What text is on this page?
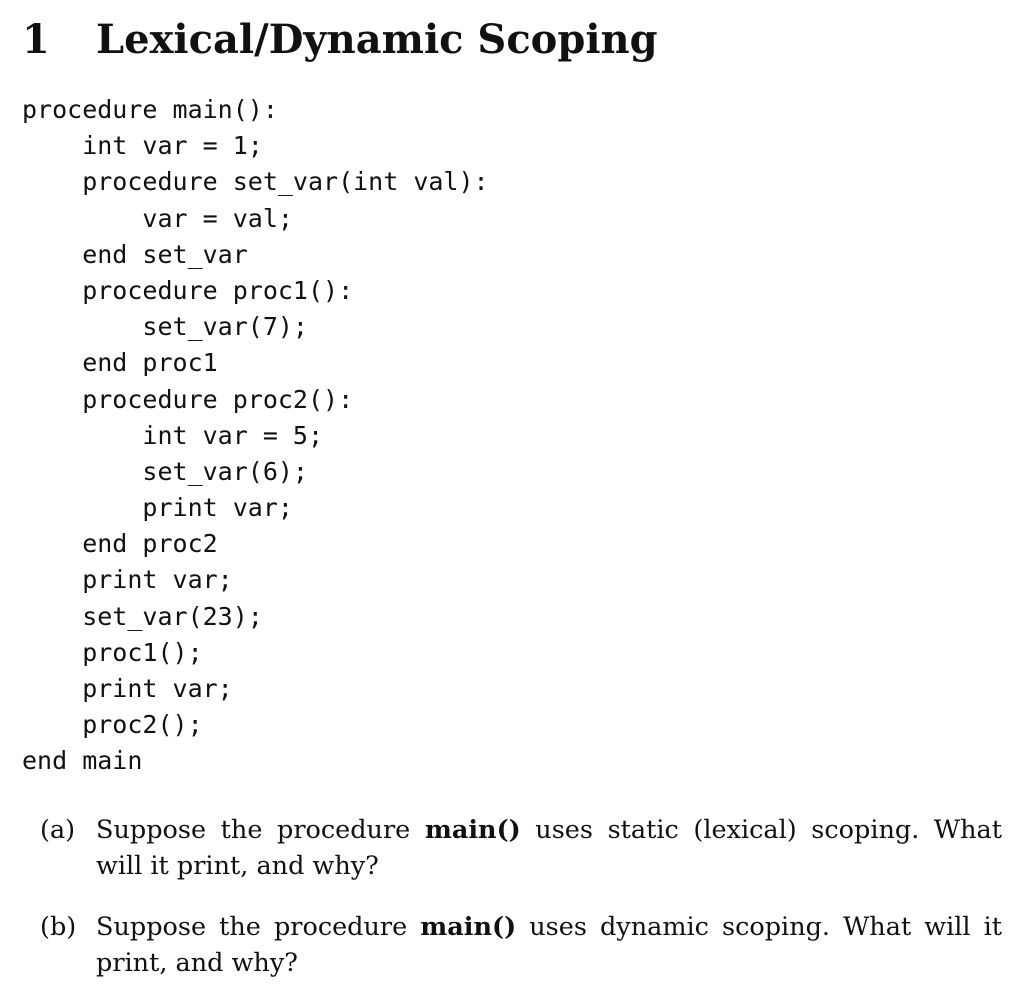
1 Lexical/Dynamic Scoping
procedure main():
int var = 1;
procedure set_var(int val):
var = val;
end set_var
procedure proc1():
set_var(7);
end proc1
procedure proc2():
int var = 5;
set_var(6);
print var;
end proc2
print var;
set_var(23);
proc1();
print var;
proc2();
end main
(a) Suppose the procedure main() uses static (lexical) scoping. What will it print, and why?
(b) Suppose the procedure main() uses dynamic scoping. What will it print, and why?
